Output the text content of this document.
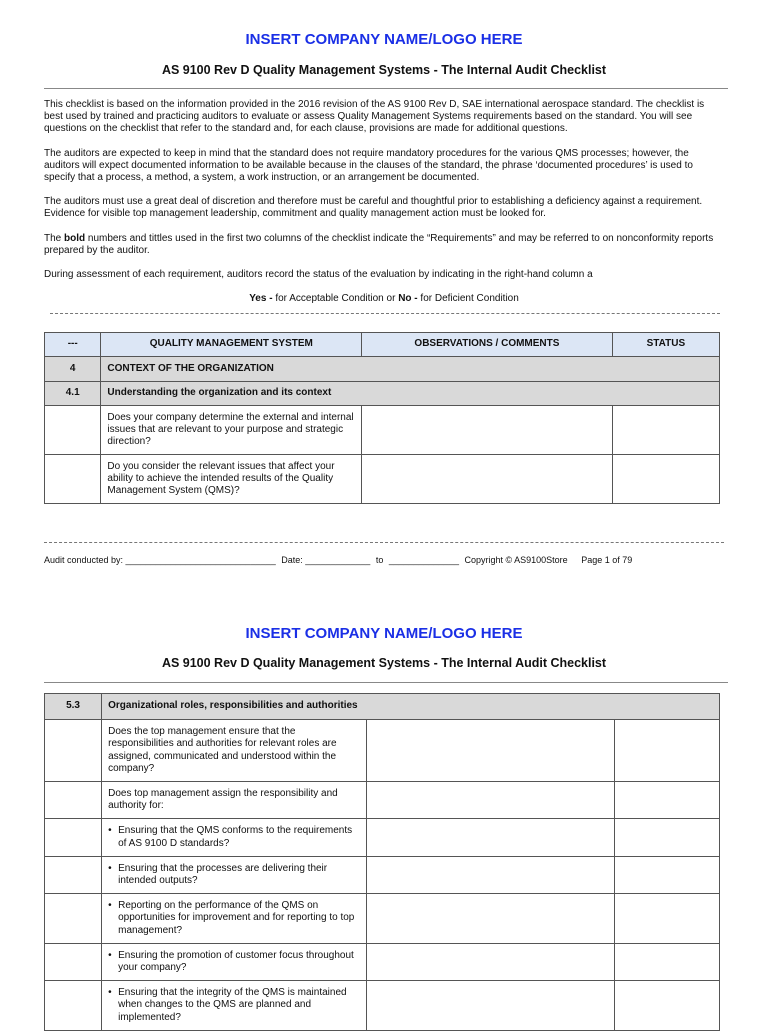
INSERT COMPANY NAME/LOGO HERE
AS 9100 Rev D Quality Management Systems - The Internal Audit Checklist

This checklist is based on the information provided in the 2016 revision of the AS 9100 Rev D, SAE international aerospace standard. The checklist is best used by trained and practicing auditors to evaluate or assess Quality Management Systems requirements based on the standard. You will see questions on the checklist that refer to the standard and, for each clause, provisions are made for additional questions.

The auditors are expected to keep in mind that the standard does not require mandatory procedures for the various QMS processes; however, the auditors will expect documented information to be available because in the clauses of the standard, the phrase ‘documented procedures’ is used to specify that a process, a method, a system, a work instruction, or an arrangement be documented.

The auditors must use a great deal of discretion and therefore must be careful and thoughtful prior to establishing a deficiency against a requirement. Evidence for visible top management leadership, commitment and quality management action must be looked for.

The bold numbers and tittles used in the first two columns of the checklist indicate the “Requirements” and may be referred to on nonconformity reports prepared by the auditor.

During assessment of each requirement, auditors record the status of the evaluation by indicating in the right-hand column a

Yes - for Acceptable Condition or No - for Deficient Condition

---	QUALITY MANAGEMENT SYSTEM	OBSERVATIONS / COMMENTS	STATUS
4	CONTEXT OF THE ORGANIZATION		
4.1	Understanding the organization and its context		
	Does your company determine the external and internal issues that are relevant to your purpose and strategic direction?		
	Do you consider the relevant issues that affect your ability to achieve the intended results of the Quality Management System (QMS)?		
Audit conducted by: ______________________________ Date: _____________ to ______________ Copyright © AS9100Store Page 1 of 79
INSERT COMPANY NAME/LOGO HERE
AS 9100 Rev D Quality Management Systems - The Internal Audit Checklist
5.3	Organizational roles, responsibilities and authorities		
	Does the top management ensure that the responsibilities and authorities for relevant roles are assigned, communicated and understood within the company?		
	Does top management assign the responsibility and authority for:		

	• Ensuring that the QMS conforms to the requirements of AS 9100 D standards?		

	• Ensuring that the processes are delivering their intended outputs?		

	• Reporting on the performance of the QMS on opportunities for improvement and for reporting to top management?		

	• Ensuring the promotion of customer focus throughout your company?		

	• Ensuring that the integrity of the QMS is maintained when changes to the QMS are planned and implemented?		
